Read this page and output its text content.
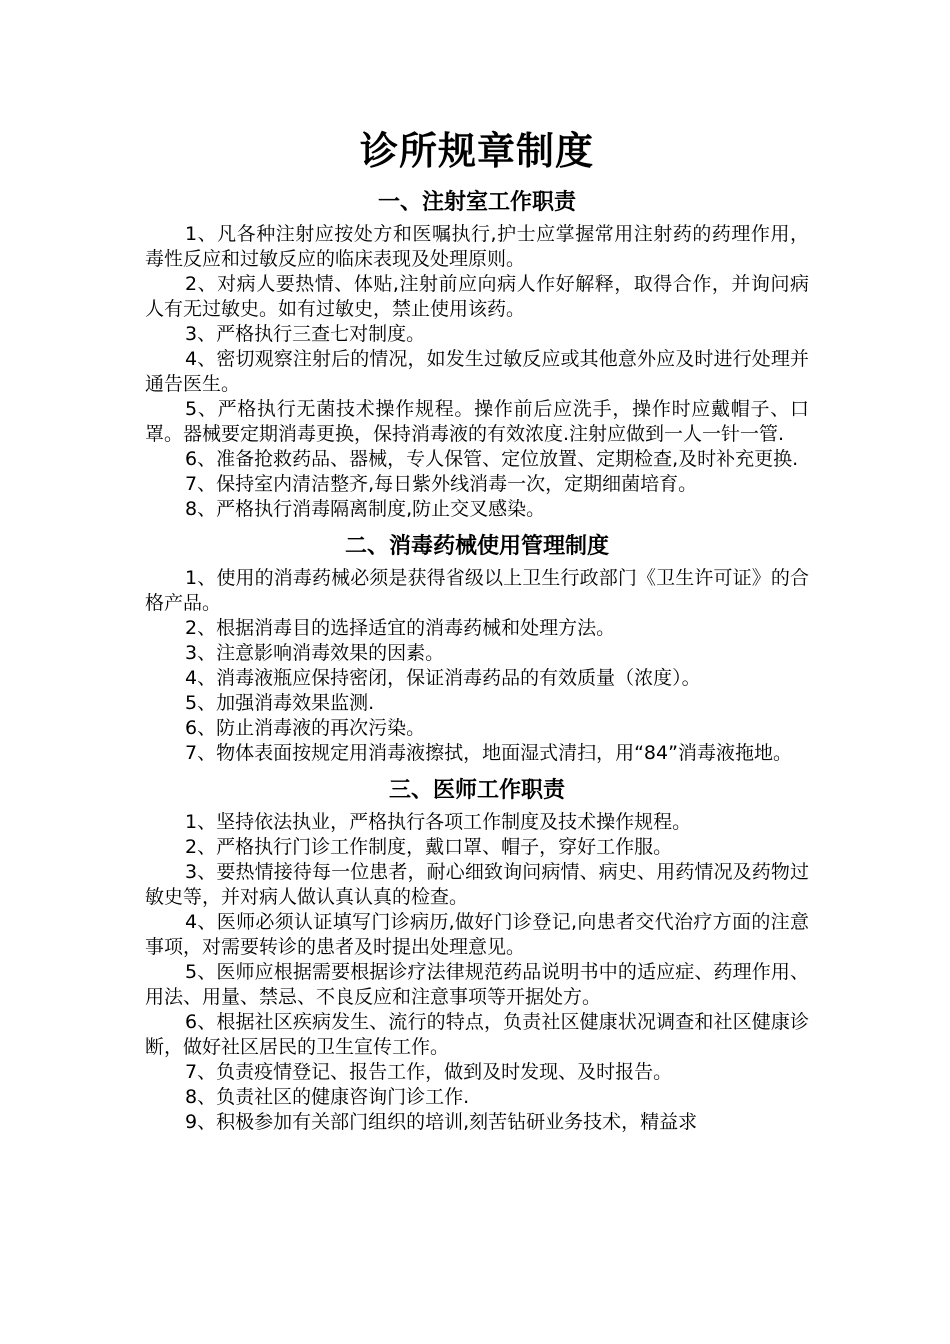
诊所规章制度
一、注射室工作职责

1、凡各种注射应按处方和医嘱执行,护士应掌握常用注射药的药理作用，毒性反应和过敏反应的临床表现及处理原则。

2、对病人要热情、体贴,注射前应向病人作好解释，取得合作，并询问病人有无过敏史。如有过敏史，禁止使用该药。

3、严格执行三查七对制度。

4、密切观察注射后的情况，如发生过敏反应或其他意外应及时进行处理并通告医生。

5、严格执行无菌技术操作规程。操作前后应洗手，操作时应戴帽子、口罩。器械要定期消毒更换，保持消毒液的有效浓度.注射应做到一人一针一管.

6、准备抢救药品、器械，专人保管、定位放置、定期检查,及时补充更换.

7、保持室内清洁整齐,每日紫外线消毒一次，定期细菌培育。

8、严格执行消毒隔离制度,防止交叉感染。

二、消毒药械使用管理制度

1、使用的消毒药械必须是获得省级以上卫生行政部门《卫生许可证》的合格产品。

2、根据消毒目的选择适宜的消毒药械和处理方法。

3、注意影响消毒效果的因素。

4、消毒液瓶应保持密闭，保证消毒药品的有效质量（浓度）。

5、加强消毒效果监测.

6、防止消毒液的再次污染。

7、物体表面按规定用消毒液擦拭，地面湿式清扫，用“84”消毒液拖地。

三、医师工作职责

1、坚持依法执业，严格执行各项工作制度及技术操作规程。

2、严格执行门诊工作制度，戴口罩、帽子，穿好工作服。

3、要热情接待每一位患者，耐心细致询问病情、病史、用药情况及药物过敏史等，并对病人做认真认真的检查。

4、医师必须认证填写门诊病历,做好门诊登记,向患者交代治疗方面的注意事项，对需要转诊的患者及时提出处理意见。

5、医师应根据需要根据诊疗法律规范药品说明书中的适应症、药理作用、用法、用量、禁忌、不良反应和注意事项等开据处方。

6、根据社区疾病发生、流行的特点，负责社区健康状况调查和社区健康诊断，做好社区居民的卫生宣传工作。

7、负责疫情登记、报告工作，做到及时发现、及时报告。

8、负责社区的健康咨询门诊工作.

9、积极参加有关部门组织的培训,刻苦钻研业务技术，精益求
